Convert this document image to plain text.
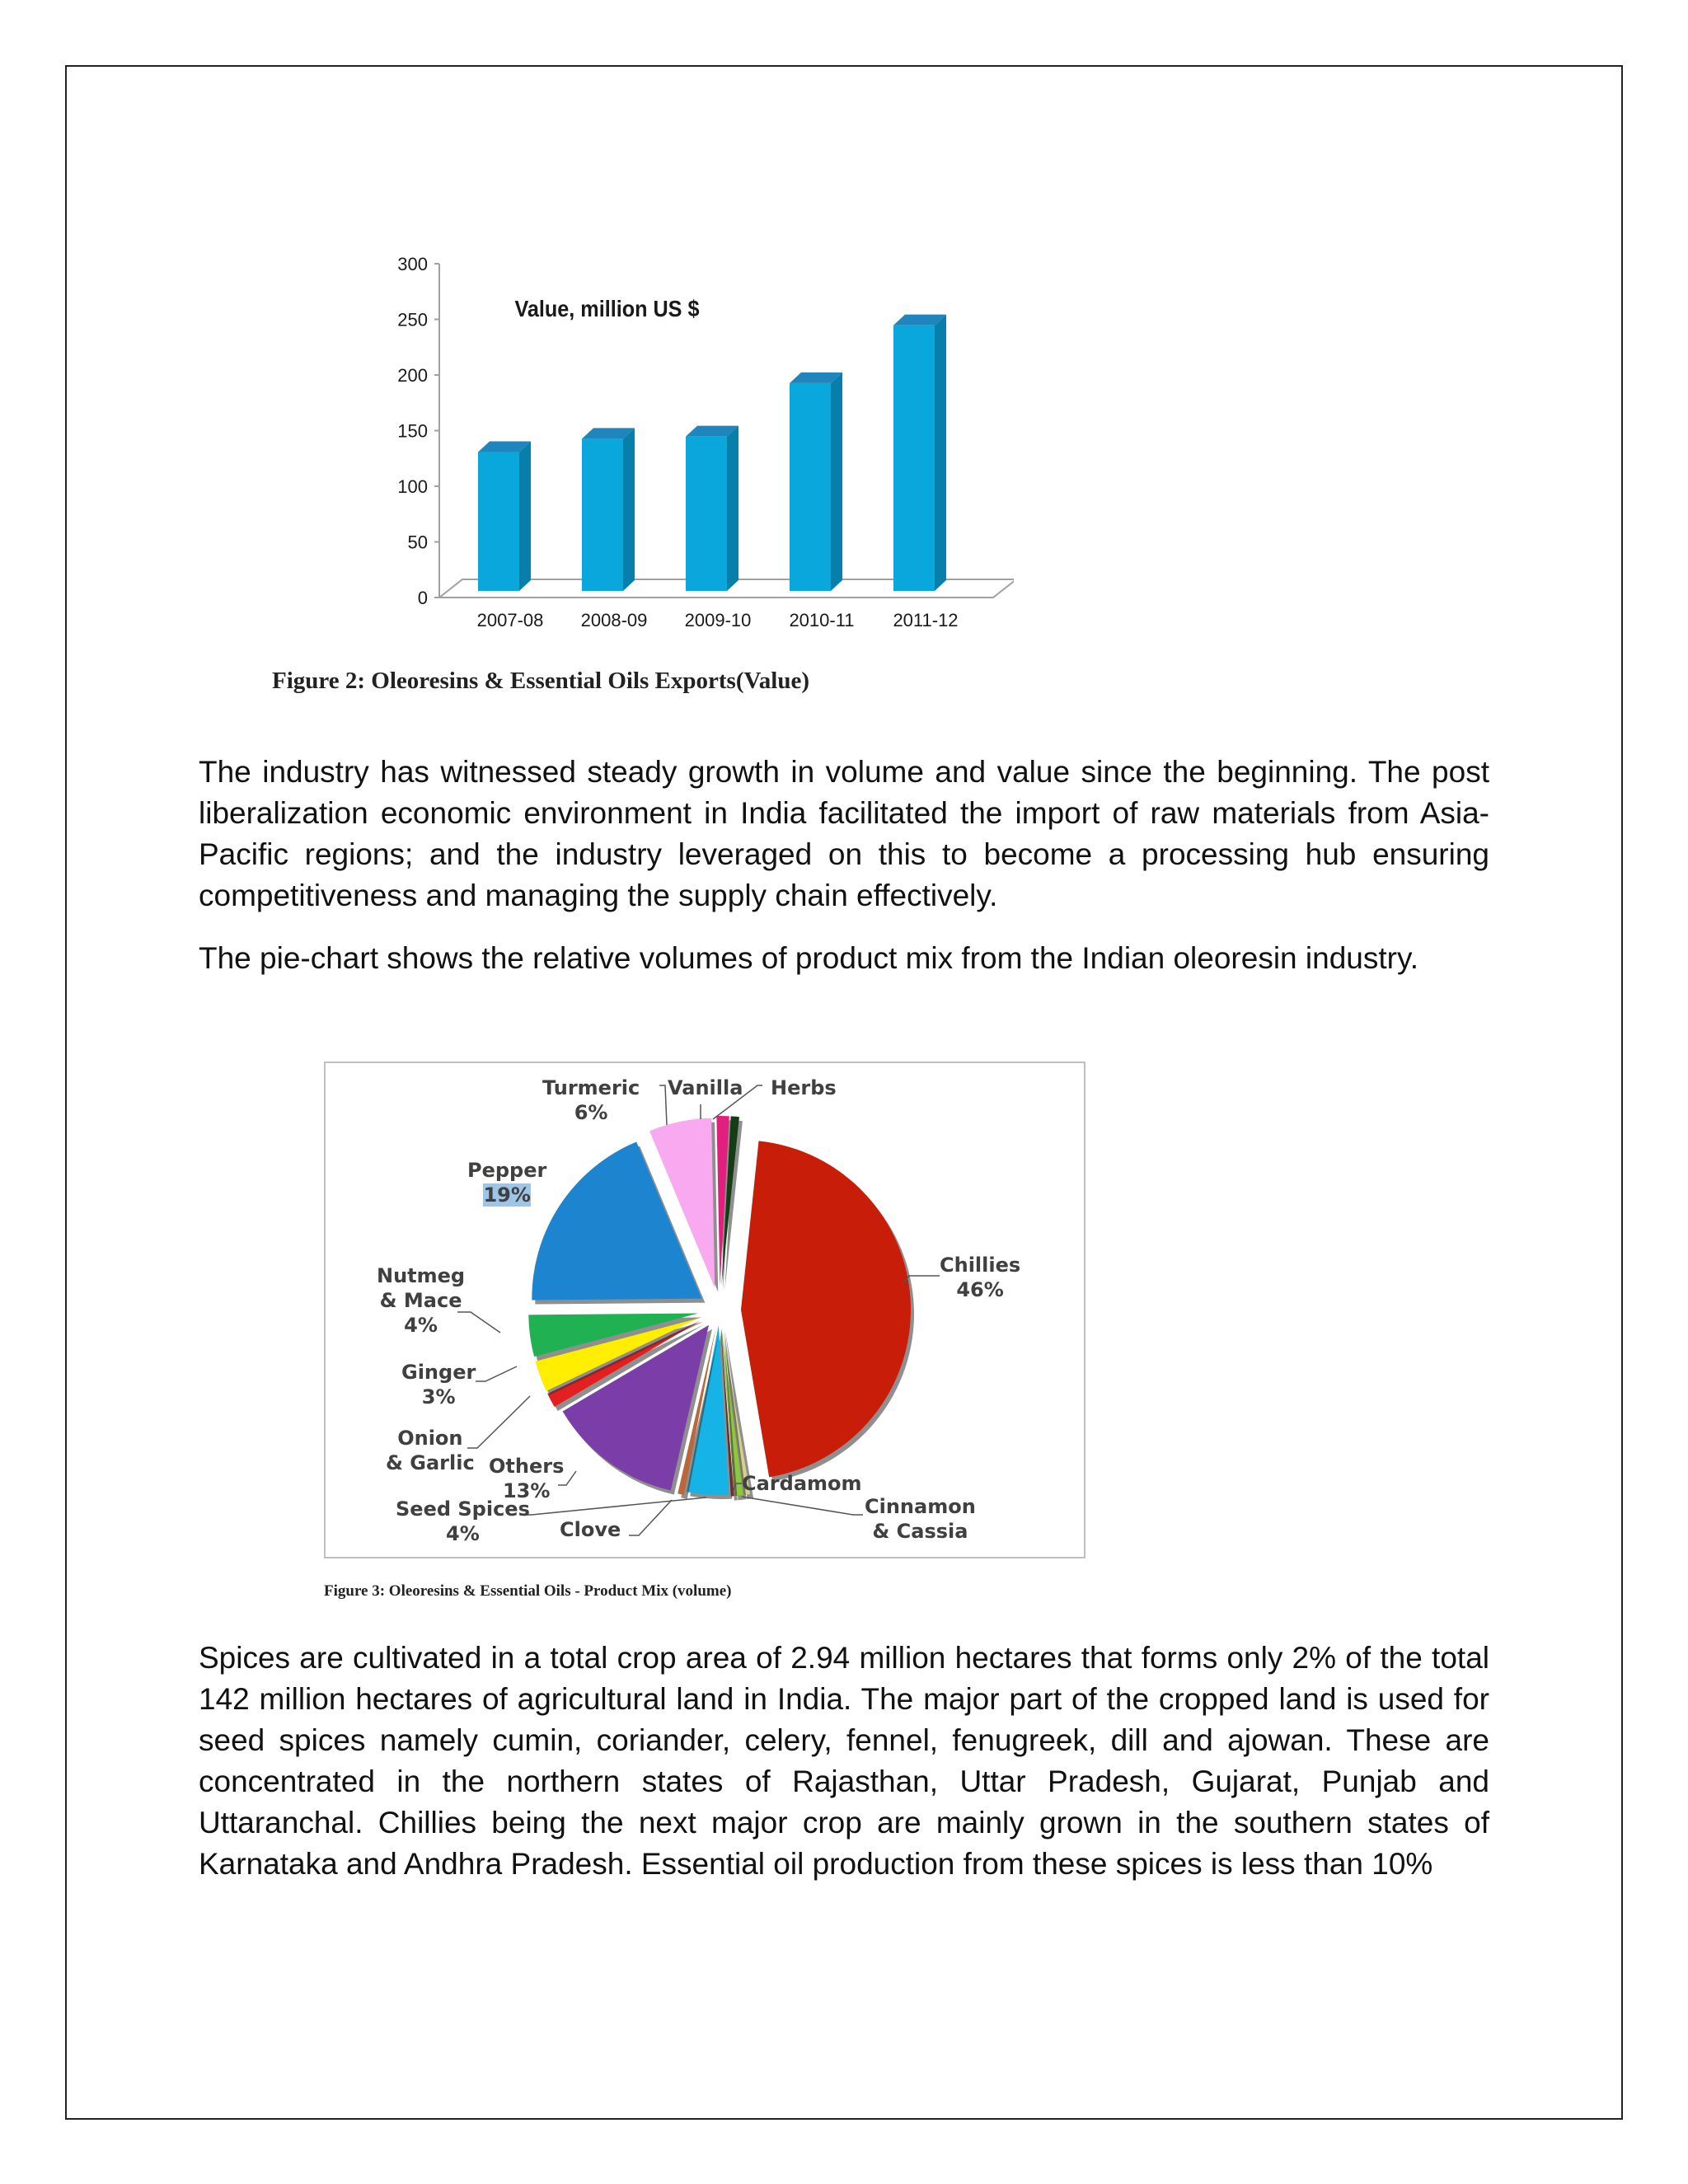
0
50
100
150
200
250
300
2007-08 2008-09 2009-10 2010-11 2011-12
Value, million US $
Figure 2: Oleoresins & Essential Oils Exports(Value)

The industry has witnessed steady growth in volume and value since the beginning. The post liberalization economic environment in India facilitated the import of raw materials from Asia-Pacific regions; and the industry leveraged on this to become a processing hub ensuring competitiveness and managing the supply chain effectively.

The pie-chart shows the relative volumes of product mix from the Indian oleoresin industry.

Turmeric
6%
Vanilla Herbs
Pepper
19%
Chillies
46%
Nutmeg
& Mace
4%
Ginger
3%
Onion
& Garlic Others
13%
Seed Spices
4%	Clove
Cardamom
Cinnamon
& Cassia
Figure 3: Oleoresins & Essential Oils - Product Mix (volume)

Spices are cultivated in a total crop area of 2.94 million hectares that forms only 2% of the total 142 million hectares of agricultural land in India. The major part of the cropped land is used for seed spices namely cumin, coriander, celery, fennel, fenugreek, dill and ajowan. These are concentrated in the northern states of Rajasthan, Uttar Pradesh, Gujarat, Punjab and Uttaranchal. Chillies being the next major crop are mainly grown in the southern states of Karnataka and Andhra Pradesh. Essential oil production from these spices is less than 10%
